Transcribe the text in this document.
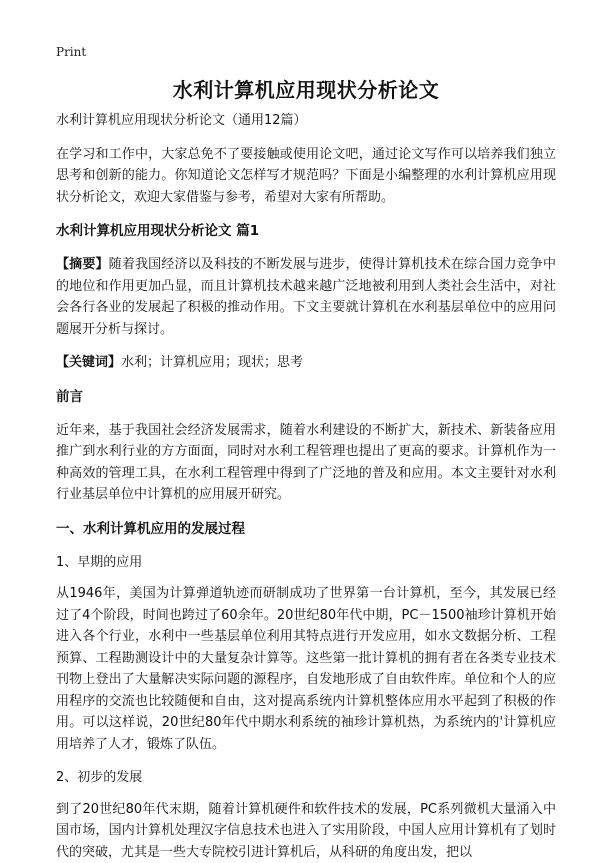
Print
水利计算机应用现状分析论文

水利计算机应用现状分析论文（通用12篇）

在学习和工作中，大家总免不了要接触或使用论文吧，通过论文写作可以培养我们独立思考和创新的能力。你知道论文怎样写才规范吗？下面是小编整理的水利计算机应用现状分析论文，欢迎大家借鉴与参考，希望对大家有所帮助。

水利计算机应用现状分析论文 篇1

【摘要】随着我国经济以及科技的不断发展与进步，使得计算机技术在综合国力竞争中的地位和作用更加凸显，而且计算机技术越来越广泛地被利用到人类社会生活中，对社会各行各业的发展起了积极的推动作用。下文主要就计算机在水利基层单位中的应用问题展开分析与探讨。

【关键词】水利；计算机应用；现状；思考

前言

近年来，基于我国社会经济发展需求，随着水利建设的不断扩大，新技术、新装备应用推广到水利行业的方方面面，同时对水利工程管理也提出了更高的要求。计算机作为一种高效的管理工具，在水利工程管理中得到了广泛地的普及和应用。本文主要针对水利行业基层单位中计算机的应用展开研究。

一、水利计算机应用的发展过程

1、早期的应用

从1946年，美国为计算弹道轨迹而研制成功了世界第一台计算机，至今，其发展已经过了4个阶段，时间也跨过了60余年。20世纪80年代中期，PC－1500袖珍计算机开始进入各个行业，水利中一些基层单位利用其特点进行开发应用，如水文数据分析、工程预算、工程勘测设计中的大量复杂计算等。这些第一批计算机的拥有者在各类专业技术刊物上登出了大量解决实际问题的源程序，自发地形成了自由软件库。单位和个人的应用程序的交流也比较随便和自由，这对提高系统内计算机整体应用水平起到了积极的作用。可以这样说，20世纪80年代中期水利系统的袖珍计算机热，为系统内的'计算机应用培养了人才，锻炼了队伍。

2、初步的发展

到了20世纪80年代末期，随着计算机硬件和软件技术的发展，PC系列微机大量涌入中国市场，国内计算机处理汉字信息技术也进入了实用阶段，中国人应用计算机有了划时代的突破，尤其是一些大专院校引进计算机后，从科研的角度出发，把以
